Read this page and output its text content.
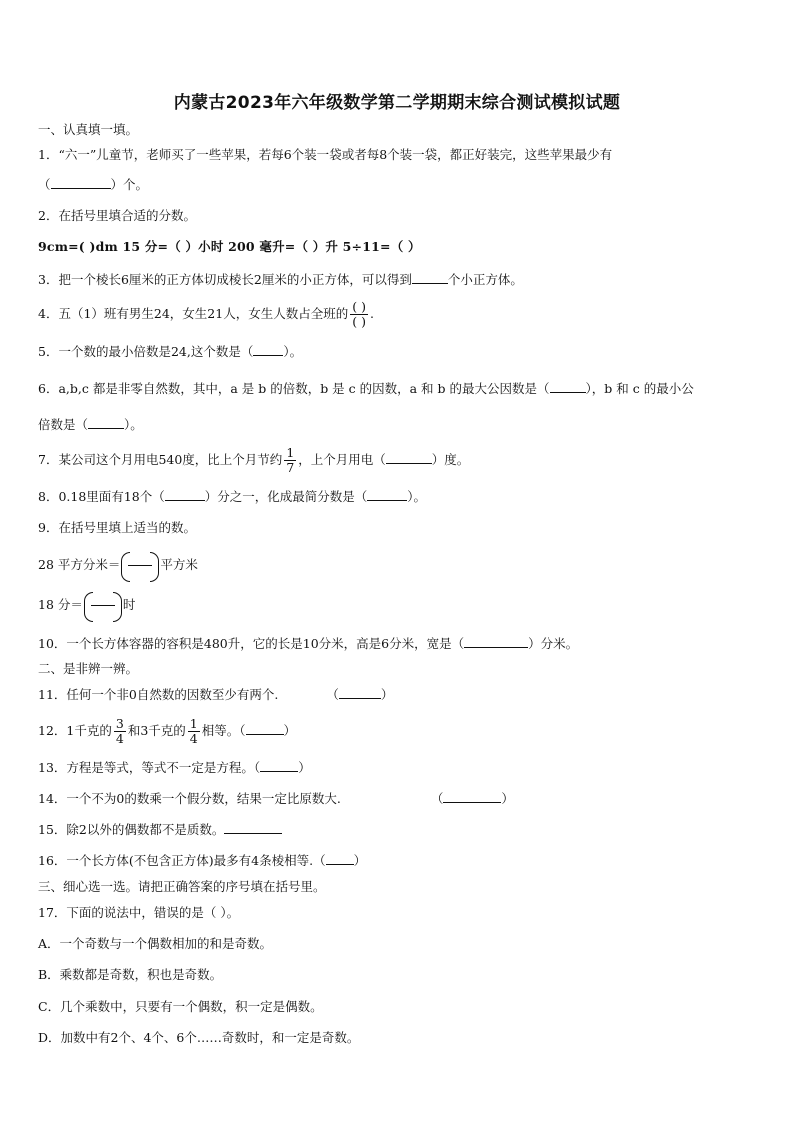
内蒙古2023年六年级数学第二学期期末综合测试模拟试题
一、认真填一填。
1．“六一”儿童节，老师买了一些苹果，若每6个装一袋或者每8个装一袋，都正好装完，这些苹果最少有
（	）个。
2．在括号里填合适的分数。
9cm=( )dm 15 分=（ ）小时 200 毫升=（ ）升 5÷11=（ ）
3．把一个棱长6厘米的正方体切成棱长2厘米的小正方体，可以得到	个小正方体。
4．五（1）班有男生24，女生21人，女生人数占全班的 $\frac{( )}{( )}$ .
5．一个数的最小倍数是24,这个数是（ ）。
6．a,b,c 都是非零自然数，其中，a 是 b 的倍数，b 是 c 的因数，a 和 b 的最大公因数是（	），b 和 c 的最小公
倍数是（	）。
7．某公司这个月用电540度，比上个月节约 $\frac{1}{7}$ ，上个月用电（	）度。
8．0.18里面有18个（	）分之一，化成最简分数是（	）。
9．在括号里填上适当的数。
28 平方分米＝	平方米
18 分＝	时
10．一个长方体容器的容积是480升，它的长是10分米，高是6分米，宽是（	）分米。
二、是非辨一辨。
11．任何一个非0自然数的因数至少有两个.	（	）
12．1千克的 $\frac{3}{4}$ 和3千克的 $\frac{1}{4}$ 相等。（	）
13．方程是等式，等式不一定是方程。（	）
14．一个不为0的数乘一个假分数，结果一定比原数大.	（	）
15．除2以外的偶数都不是质数。
16．一个长方体(不包含正方体)最多有4条棱相等.（ ）
三、细心选一选。请把正确答案的序号填在括号里。
17．下面的说法中，错误的是（ ）。
A．一个奇数与一个偶数相加的和是奇数。
B．乘数都是奇数，积也是奇数。
C．几个乘数中，只要有一个偶数，积一定是偶数。
D．加数中有2个、4个、6个……奇数时，和一定是奇数。
